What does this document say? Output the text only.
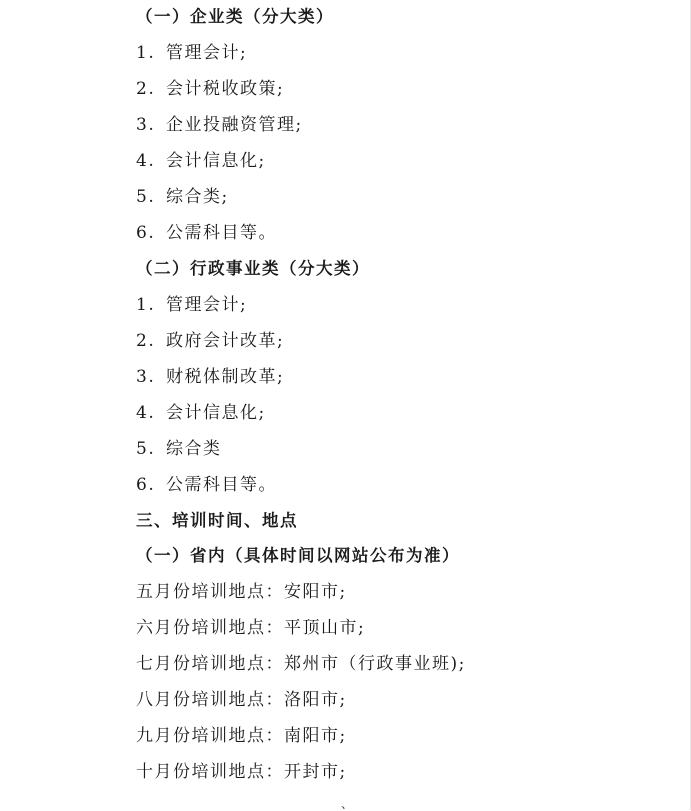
（一）企业类（分大类）
1. 管理会计;
2. 会计税收政策;
3. 企业投融资管理;
4. 会计信息化;
5. 综合类;
6. 公需科目等。
（二）行政事业类（分大类）
1. 管理会计;
2. 政府会计改革;
3. 财税体制改革;
4. 会计信息化;
5. 综合类
6. 公需科目等。
三、培训时间、地点
（一）省内（具体时间以网站公布为准）
五月份培训地点：安阳市;
六月份培训地点：平顶山市;
七月份培训地点：郑州市（行政事业班);
八月份培训地点：洛阳市;
九月份培训地点：南阳市;
十月份培训地点：开封市;
、
